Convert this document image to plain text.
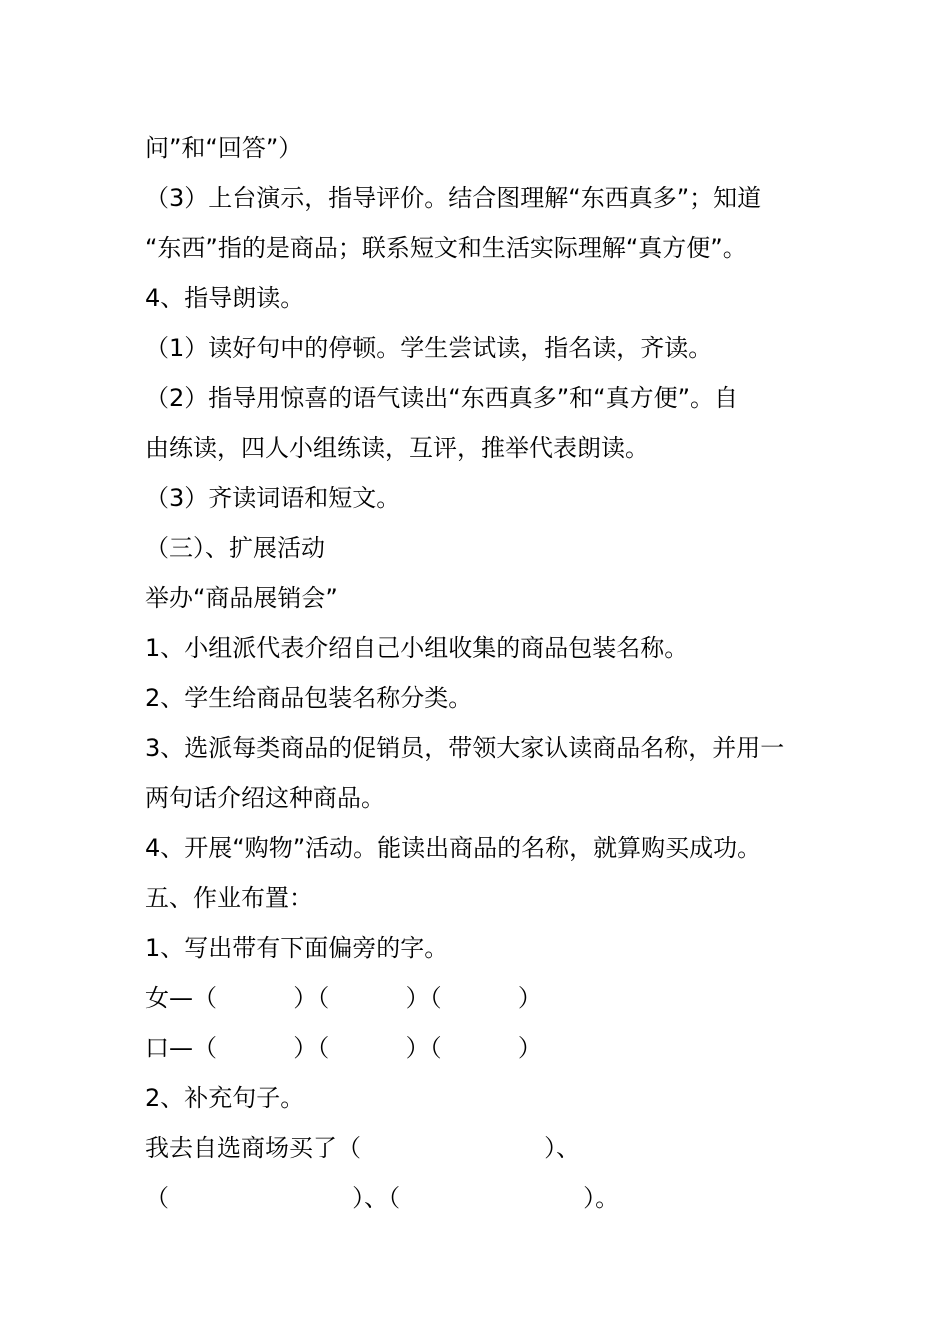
问”和“回答”）
（3）上台演示，指导评价。结合图理解“东西真多”；知道
“东西”指的是商品；联系短文和生活实际理解“真方便”。
4、指导朗读。
（1）读好句中的停顿。学生尝试读，指名读，齐读。
（2）指导用惊喜的语气读出“东西真多”和“真方便”。自
由练读，四人小组练读，互评，推举代表朗读。
（3）齐读词语和短文。
（三）、扩展活动
举办“商品展销会”
1、小组派代表介绍自己小组收集的商品包装名称。
2、学生给商品包装名称分类。
3、选派每类商品的促销员，带领大家认读商品名称，并用一
两句话介绍这种商品。
4、开展“购物”活动。能读出商品的名称，就算购买成功。
五、作业布置：
1、写出带有下面偏旁的字。
女—（          ）（          ）（          ）
口—（          ）（          ）（          ）
2、补充句子。
我去自选商场买了（                        ）、
（                        ）、（                        ）。
